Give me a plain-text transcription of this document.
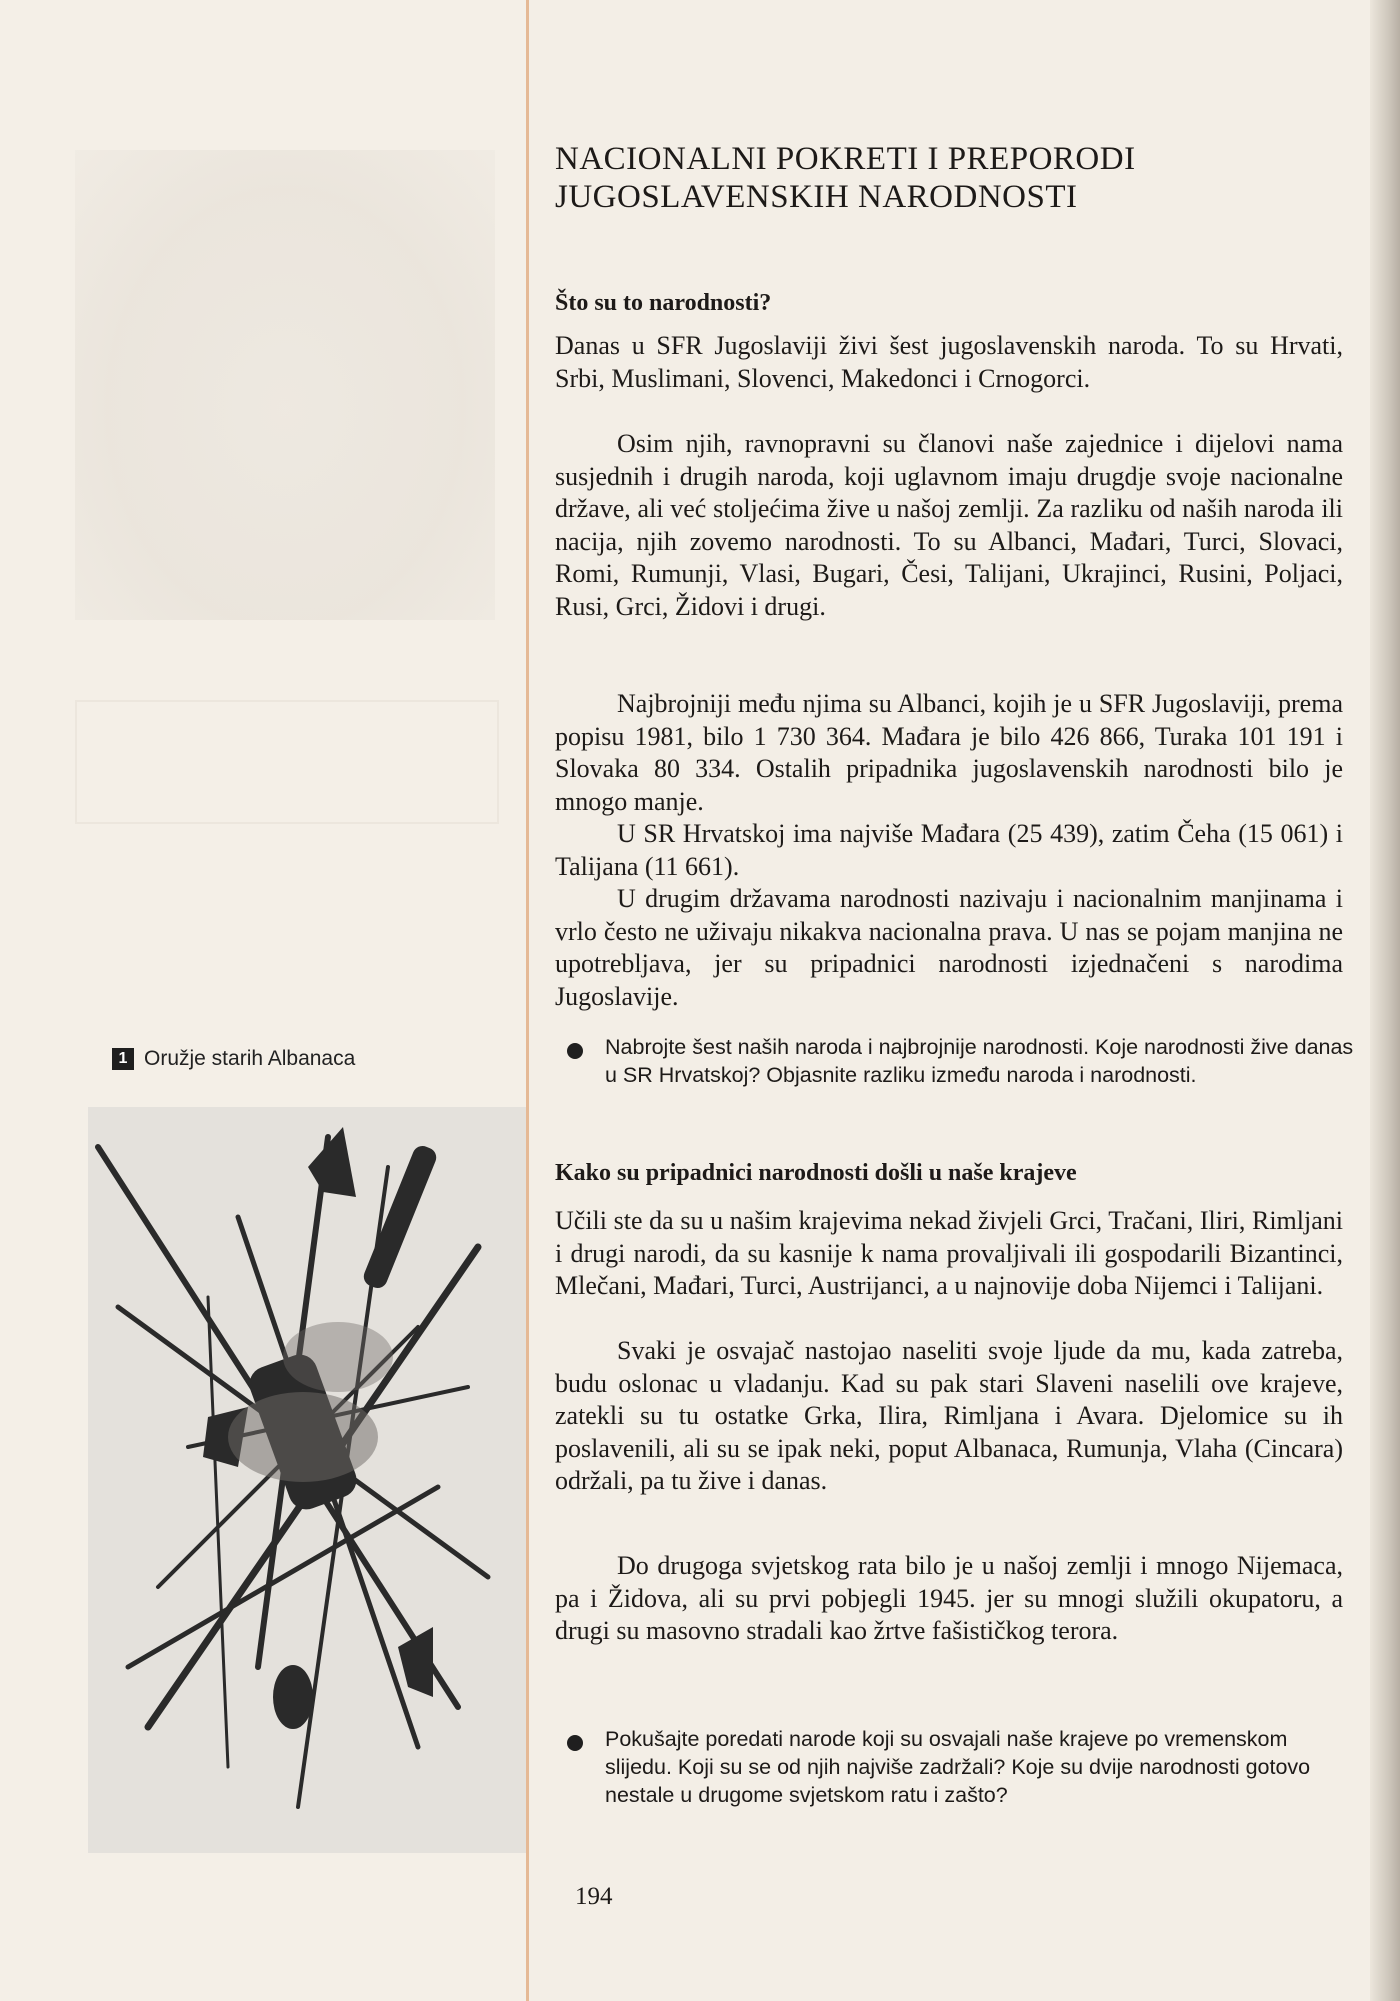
1 Oružje starih Albanaca
NACIONALNI POKRETI I PREPORODI
JUGOSLAVENSKIH NARODNOSTI
Što su to narodnosti?

Danas u SFR Jugoslaviji živi šest jugoslavenskih naroda. To su Hrvati, Srbi, Muslimani, Slovenci, Makedonci i Crnogorci.

Osim njih, ravnopravni su članovi naše zajednice i dijelovi nama susjednih i drugih naroda, koji uglavnom imaju drugdje svoje nacionalne države, ali već stoljećima žive u našoj zemlji. Za razliku od naših naroda ili nacija, njih zovemo narodnosti. To su Albanci, Mađari, Turci, Slovaci, Romi, Rumunji, Vlasi, Bugari, Česi, Talijani, Ukrajinci, Rusini, Poljaci, Rusi, Grci, Židovi i drugi.

Najbrojniji među njima su Albanci, kojih je u SFR Jugoslaviji, prema popisu 1981, bilo 1 730 364. Mađara je bilo 426 866, Turaka 101 191 i Slovaka 80 334. Ostalih pripadnika jugoslavenskih narodnosti bilo je mnogo manje.

U SR Hrvatskoj ima najviše Mađara (25 439), zatim Čeha (15 061) i Talijana (11 661).

U drugim državama narodnosti nazivaju i nacionalnim manjinama i vrlo često ne uživaju nikakva nacionalna prava. U nas se pojam manjina ne upotrebljava, jer su pripadnici narodnosti izjednačeni s narodima Jugoslavije.

Nabrojte šest naših naroda i najbrojnije narodnosti. Koje narodnosti žive danas u SR Hrvatskoj? Objasnite razliku između naroda i narodnosti.
Kako su pripadnici narodnosti došli u naše krajeve

Učili ste da su u našim krajevima nekad živjeli Grci, Tračani, Iliri, Rimljani i drugi narodi, da su kasnije k nama provaljivali ili gospodarili Bizantinci, Mlečani, Mađari, Turci, Austrijanci, a u najnovije doba Nijemci i Talijani.

Svaki je osvajač nastojao naseliti svoje ljude da mu, kada zatreba, budu oslonac u vladanju. Kad su pak stari Slaveni naselili ove krajeve, zatekli su tu ostatke Grka, Ilira, Rimljana i Avara. Djelomice su ih poslavenili, ali su se ipak neki, poput Albanaca, Rumunja, Vlaha (Cincara) održali, pa tu žive i danas.

Do drugoga svjetskog rata bilo je u našoj zemlji i mnogo Nijemaca, pa i Židova, ali su prvi pobjegli 1945. jer su mnogi služili okupatoru, a drugi su masovno stradali kao žrtve fašističkog terora.

Pokušajte poredati narode koji su osvajali naše krajeve po vremenskom slijedu. Koji su se od njih najviše zadržali? Koje su dvije narodnosti gotovo nestale u drugome svjetskom ratu i zašto?
194
